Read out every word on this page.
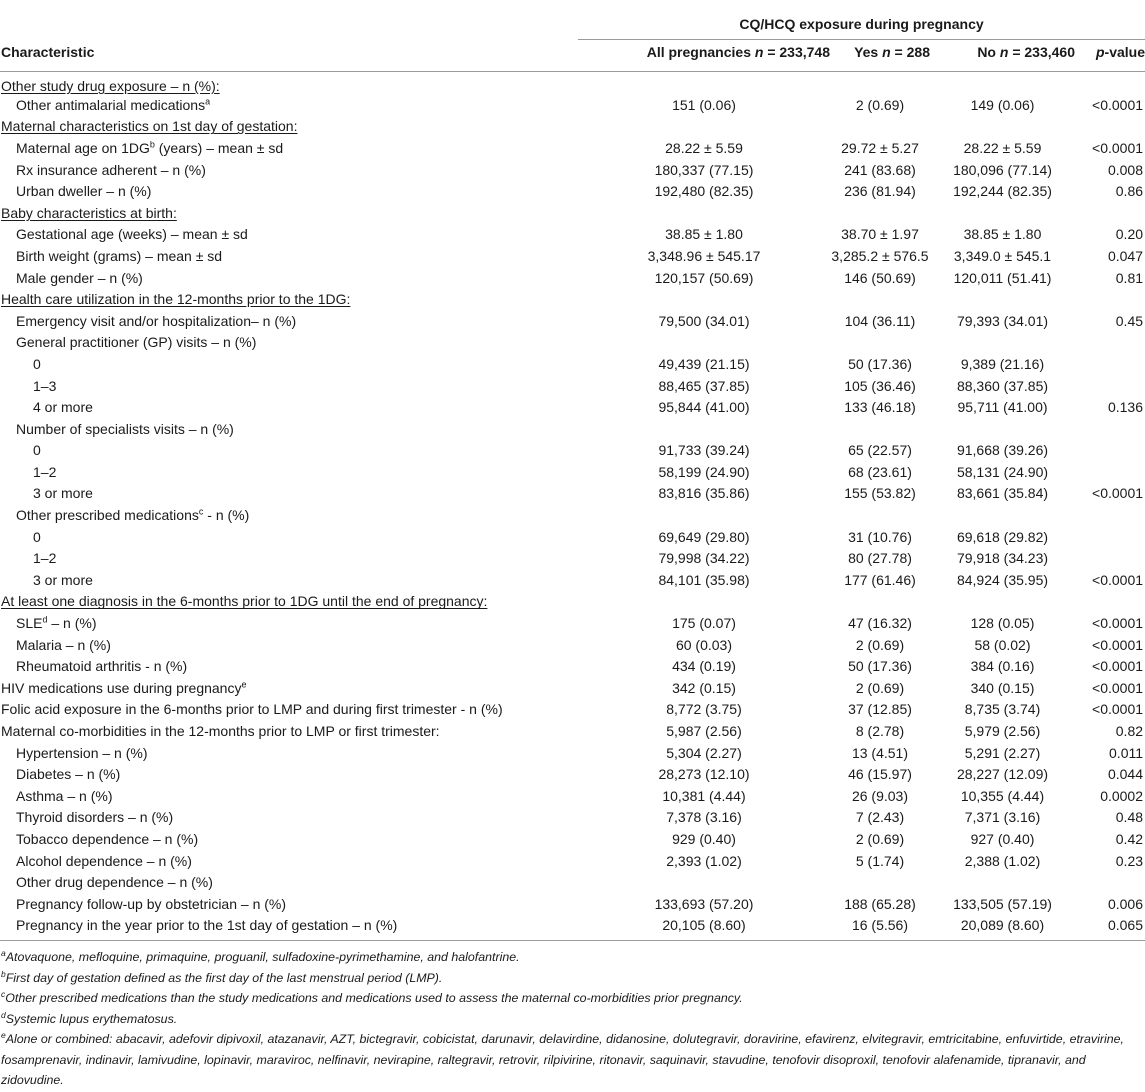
	CQ/HCQ exposure during pregnancy			
Characteristic	All pregnancies n = 233,748	Yes n = 288	No n = 233,460	p-value
Other study drug exposure – n (%):				
Other antimalarial medications$^a$	151 (0.06)	2 (0.69)	149 (0.06)	<0.0001
Maternal characteristics on 1st day of gestation:				
Maternal age on $1DG^b$ (years) – mean ± sd	28.22 ± 5.59	29.72 ± 5.27	28.22 ± 5.59	<0.0001
Rx insurance adherent – n (%)	180,337 (77.15)	241 (83.68)	180,096 (77.14)	0.008
Urban dweller – n (%)	192,480 (82.35)	236 (81.94)	192,244 (82.35)	0.86
Baby characteristics at birth:				
Gestational age (weeks) – mean ± sd	38.85 ± 1.80	38.70 ± 1.97	38.85 ± 1.80	0.20
Birth weight (grams) – mean ± sd	3,348.96 ± 545.17	3,285.2 ± 576.5	3,349.0 ± 545.1	0.047
Male gender – n (%)	120,157 (50.69)	146 (50.69)	120,011 (51.41)	0.81
Health care utilization in the 12-months prior to the 1DG:				
Emergency visit and/or hospitalization– n (%)	79,500 (34.01)	104 (36.11)	79,393 (34.01)	0.45
General practitioner (GP) visits – n (%)				
0	49,439 (21.15)	50 (17.36)	9,389 (21.16)	
1–3	88,465 (37.85)	105 (36.46)	88,360 (37.85)	
4 or more	95,844 (41.00)	133 (46.18)	95,711 (41.00)	0.136
Number of specialists visits – n (%)				
0	91,733 (39.24)	65 (22.57)	91,668 (39.26)	
1–2	58,199 (24.90)	68 (23.61)	58,131 (24.90)	
3 or more	83,816 (35.86)	155 (53.82)	83,661 (35.84)	<0.0001
Other prescribed medications$^c$ - n (%)				
0	69,649 (29.80)	31 (10.76)	69,618 (29.82)	
1–2	79,998 (34.22)	80 (27.78)	79,918 (34.23)	
3 or more	84,101 (35.98)	177 (61.46)	84,924 (35.95)	<0.0001
At least one diagnosis in the 6-months prior to 1DG until the end of pregnancy:				
SLE$^d$ – n (%)	175 (0.07)	47 (16.32)	128 (0.05)	<0.0001
Malaria – n (%)	60 (0.03)	2 (0.69)	58 (0.02)	<0.0001
Rheumatoid arthritis - n (%)	434 (0.19)	50 (17.36)	384 (0.16)	<0.0001
HIV medications use during pregnancy$^e$	342 (0.15)	2 (0.69)	340 (0.15)	<0.0001
Folic acid exposure in the 6-months prior to LMP and during first trimester - n (%)	8,772 (3.75)	37 (12.85)	8,735 (3.74)	<0.0001
Maternal co-morbidities in the 12-months prior to LMP or first trimester:	5,987 (2.56)	8 (2.78)	5,979 (2.56)	0.82
Hypertension – n (%)	5,304 (2.27)	13 (4.51)	5,291 (2.27)	0.011
Diabetes – n (%)	28,273 (12.10)	46 (15.97)	28,227 (12.09)	0.044
Asthma – n (%)	10,381 (4.44)	26 (9.03)	10,355 (4.44)	0.0002
Thyroid disorders – n (%)	7,378 (3.16)	7 (2.43)	7,371 (3.16)	0.48
Tobacco dependence – n (%)	929 (0.40)	2 (0.69)	927 (0.40)	0.42
Alcohol dependence – n (%)	2,393 (1.02)	5 (1.74)	2,388 (1.02)	0.23
Other drug dependence – n (%)				
Pregnancy follow-up by obstetrician – n (%)	133,693 (57.20)	188 (65.28)	133,505 (57.19)	0.006
Pregnancy in the year prior to the 1st day of gestation – n (%)	20,105 (8.60)	16 (5.56)	20,089 (8.60)	0.065

$^a$Atovaquone, mefloquine, primaquine, proguanil, sulfadoxine-pyrimethamine, and halofantrine.

$^b$First day of gestation defined as the first day of the last menstrual period (LMP).

$^c$Other prescribed medications than the study medications and medications used to assess the maternal co-morbidities prior pregnancy.

$^d$Systemic lupus erythematosus.

$^e$Alone or combined: abacavir, adefovir dipivoxil, atazanavir, AZT, bictegravir, cobicistat, darunavir, delavirdine, didanosine, dolutegravir, doravirine, efavirenz, elvitegravir, emtricitabine, enfuvirtide, etravirine, fosamprenavir, indinavir, lamivudine, lopinavir, maraviroc, nelfinavir, nevirapine, raltegravir, retrovir, rilpivirine, ritonavir, saquinavir, stavudine, tenofovir disoproxil, tenofovir alafenamide, tipranavir, and zidovudine.
